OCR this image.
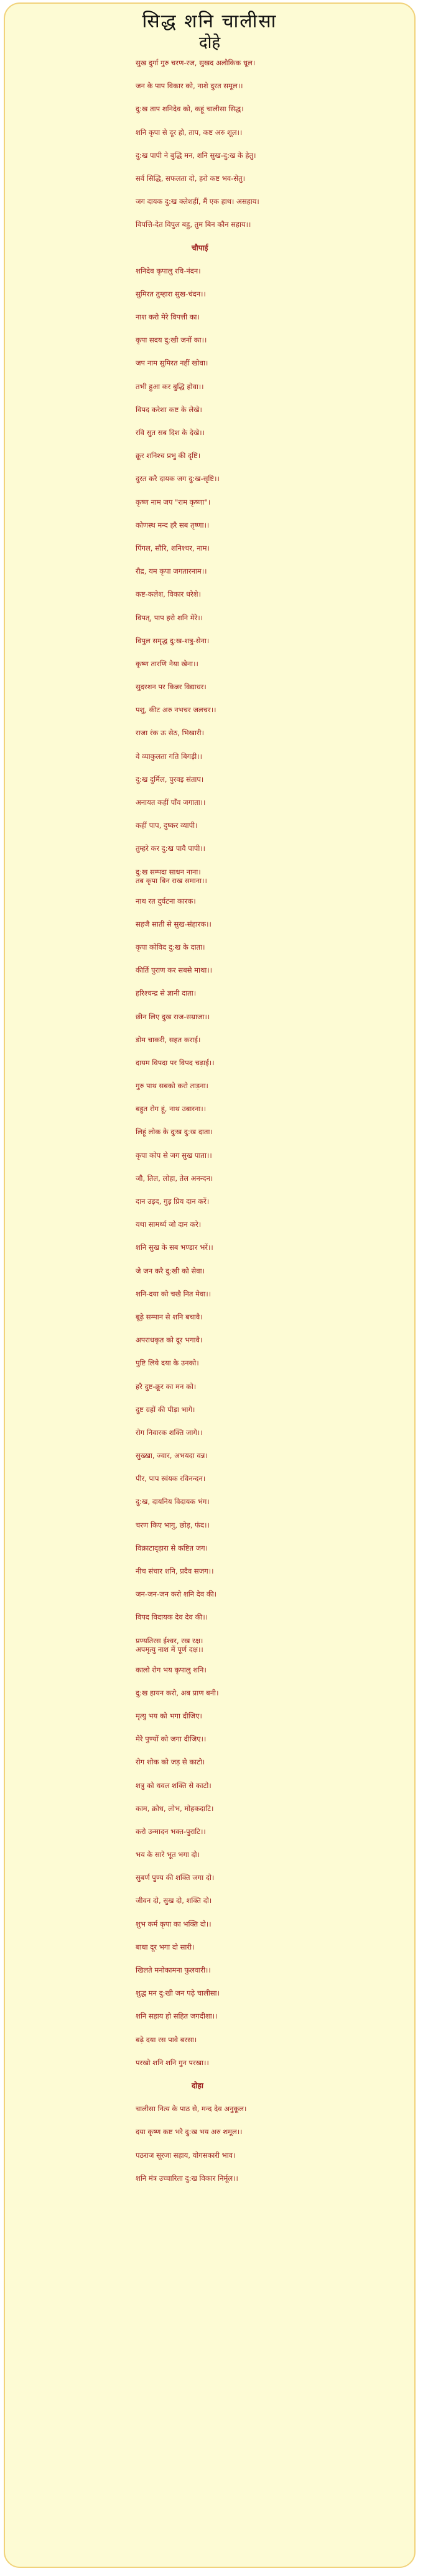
सिद्ध शनि चालीसा
दोहे
सुख दुर्गा गुरु चरण-रज, सुखद अलौकिक धूल।
जन के पाप विकार को, नाशे दुरत समूल।।
दु:ख ताप शनिदेव को, कहूं चालीसा सिद्ध।
शनि कृपा से दूर हो, ताप, कष्ट अरु शूल।।
दु:ख पापी ने बुद्धि मन, शनि सुख-दु:ख के हेतु।
सर्व सिद्धि, सफलता दो, हरो कष्ट भव-सेतु।
जग दायक दु:ख क्लेशहीं, मैं एक हाथ। असहाय।
विपत्ति-देत विपुल बहु, तुम बिन कौन सहाय।।
चौपाई
शनिदेव कृपालु रवि-नंदन।
सुमिरत तुम्हारा सुख-चंदन।।
नाश करो मेरे विपत्ती का।
कृपा सदय दु:खी जनों का।।
जप नाम सुमिरत नहीं खोवा।
तभी हुआ कर बुद्धि होवा।।
विपद करेशा कष्ट के लेखे।
रवि सुत सब दिश के देखे।।
क्रूर शनिश्च प्रभु की दृष्टि।
दुरत करै दायक जग दु:ख-सृष्टि।।
कृष्ण नाम जप "राम कृष्णा"।
कोणस्थ मन्द हरै सब तृष्णा।।
पिंगल, सौरि, शनिश्चर, नाम।
रौद्र, यम कृपा जगतारनाम।।
कष्ट-कलेश, विकार धरेशे।
विपत्, पाप हरो शनि मेरे।।
विपुल समृद्ध दु:ख-शत्रु-सेना।
कृष्ण तारणि नैया खेना।।
सुदरशन पर किन्नर विद्याधर।
पशु, कीट अरु नभचर जलचर।।
राजा रंक ऊ सेठ, भिखारी।
वे व्याकुलता गति बिगड़ी।।
दु:ख दुर्मिल, पुरवइ संताप।
अनायत कहीं पाँव जगाता।।
कहीं पाप, दुष्कर व्यापी।
तुम्हरे कर दु:ख पावै पापी।।
दु:ख सम्पदा साधन नाना।
तब कृपा बिन राख समाना।।
नाथ रत दुर्घटना कारक।
सहजै साती से सुख-संहारक।।
कृपा कोविद दु:ख के दाता।
कीर्ति पुराण कर सबसे माथा।।
हरिश्चन्द्र से ज्ञानी दाता।
छीन लिए दुख राज-सम्राजा।।
डोम चाकरी, सहत कराई।
दायम विपदा पर विपद चढ़ाई।।
गुरु पाथ सबको करो ताड़ना।
बहुत रोग हूं, नाथ उबारना।।
लिहूं लोक के दुःख दु:ख दाता।
कृपा कोप से जग सुख पाता।।
जौ, तिल, लोहा, तेल अनन्दन।
दान उड़द, गुड़ प्रिय दान करें।
यथा सामर्थ्य जो दान करे।
शनि सुख के सब भण्डार भरें।।
जे जन करै दु:खी को सेवा।
शनि-दया को चखै नित मेवा।।
बूढ़े सम्मान से शनि बचावै।
अपराधकृत को दूर भगावै।
पुष्टि लिये दया के उनको।
हरै दुष्ट-क्रूर का मन को।
दुष्ट ग्रहों की पीड़ा भागे।
रोग निवारक शक्ति जागे।।
सुख्खा, ज्वार, अभयदा वन्न।
पीर, पाप स्वंयक रविनन्दन।
दु:ख, दायनिय विदायक भंग।
चरण किए भागु, छोड़, फंद।।
विक्राटाद्हारा से कष्टित जग।
नीच संचार शनि, प्रदैव सजग।।
जन-जन-जन करो शनि देव की।
विपद विदायक देव देव की।।
प्रण्यतिरस ईश्वर, रख रक्ष।
अपमृत्यु नाश में पूर्ण दक्ष।।
कालो रोग भय कृपालु शनि।
दु:ख हायन करो, अब प्राण बनी।
मृत्यु भय को भगा दीजिए।
मेरे पुण्यों को जगा दीजिए।।
रोग शोक को जड़ से काटो।
शत्रु को धवल शक्ति से काटो।
काम, क्रोध, लोभ, मोहकदाटि।
करो उन्मादन भक्त-पुराटि।।
भय के सारे भूत भगा दो।
सुबर्ण पुण्य की शक्ति जगा दो।
जीवन दो, सुख दो, शक्ति दो।
शुभ कर्म कृपा का भक्ति दो।।
बाधा दूर भगा दो सारी।
खिलते मनोकामना फुलवारी।।
शुद्ध मन दु:खी जन पढ़े चालीसा।
शनि सहाय हो सहित जगदीशा।।
बढ़े दया रस पावै बरसा।
परखो शनि शनि गुन परखा।।
दोहा
चालीसा नित्य के पाठ से, मन्द देव अनुकूल।
दया कृष्ण कष्ट भरै दु:ख भय अरु शमूल।।
पठराज सूरजा सहाय, योगसकारी भाव।
शनि मंत्र उच्चारिता दु:ख विकार निर्मूल।।
